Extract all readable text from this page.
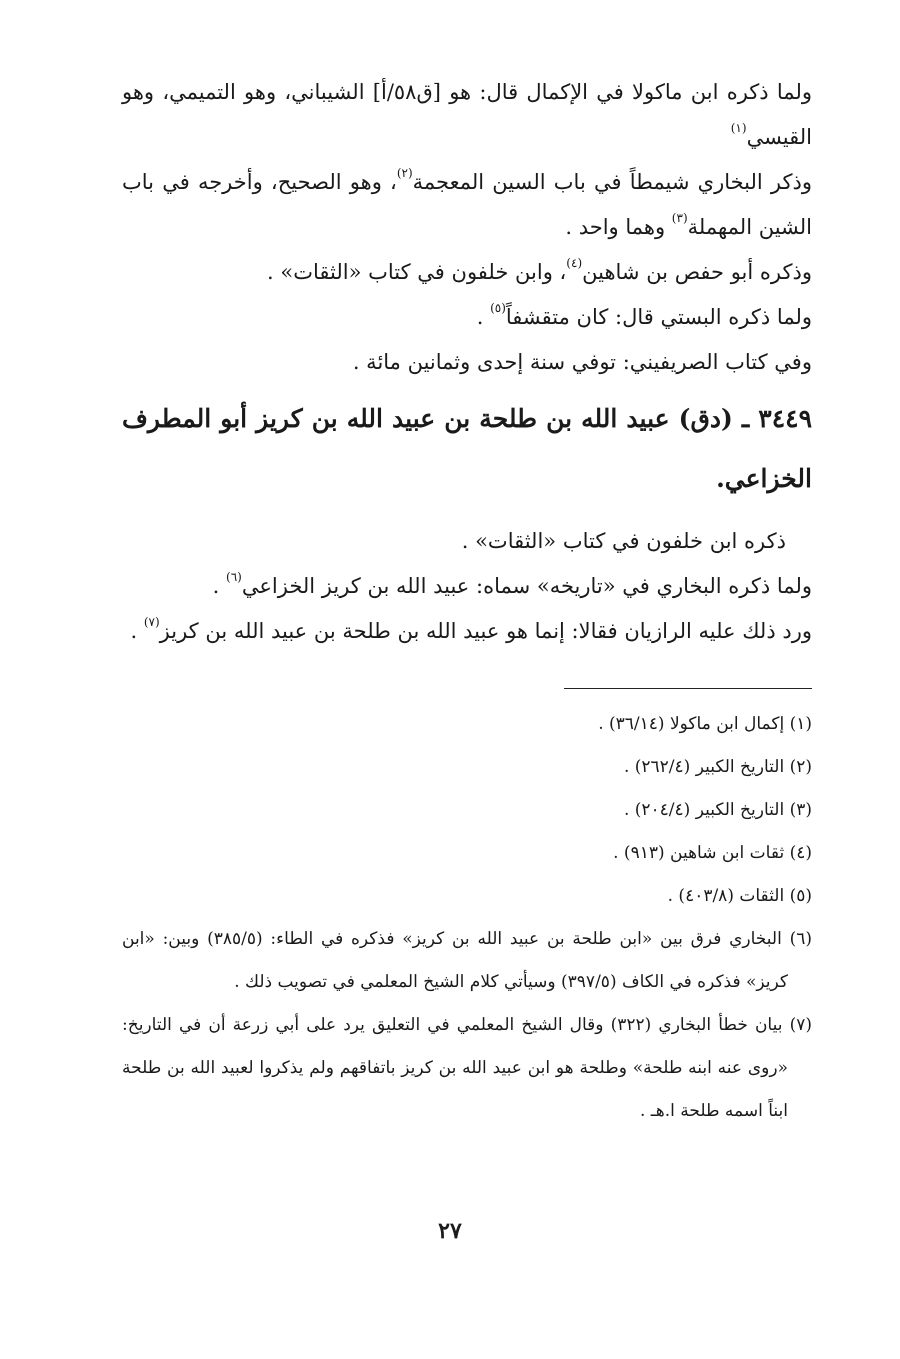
ولما ذكره ابن ماكولا في الإكمال قال: هو [ق٥٨/أ] الشيباني، وهو التميمي، وهو القيسي$^{(١)}$

وذكر البخاري شيمطاً في باب السين المعجمة$^{(٢)}$، وهو الصحيح، وأخرجه في باب الشين المهملة$^{(٣)}$ وهما واحد .

وذكره أبو حفص بن شاهين$^{(٤)}$، وابن خلفون في كتاب «الثقات» .

ولما ذكره البستي قال: كان متقشفاً$^{(٥)}$ .

وفي كتاب الصريفيني: توفي سنة إحدى وثمانين مائة .

٣٤٤٩ ـ (دق) عبيد الله بن طلحة بن عبيد الله بن كريز أبو المطرف الخزاعي.

ذكره ابن خلفون في كتاب «الثقات» .

ولما ذكره البخاري في «تاريخه» سماه: عبيد الله بن كريز الخزاعي$^{(٦)}$ .

ورد ذلك عليه الرازيان فقالا: إنما هو عبيد الله بن طلحة بن عبيد الله بن كريز$^{(٧)}$ .

(١) إكمال ابن ماكولا (٣٦/١٤) .

(٢) التاريخ الكبير (٢٦٢/٤) .

(٣) التاريخ الكبير (٢٠٤/٤) .

(٤) ثقات ابن شاهين (٩١٣) .

(٥) الثقات (٤٠٣/٨) .

(٦) البخاري فرق بين «ابن طلحة بن عبيد الله بن كريز» فذكره في الطاء: (٣٨٥/٥) وبين: «ابن كريز» فذكره في الكاف (٣٩٧/٥) وسيأتي كلام الشيخ المعلمي في تصويب ذلك .

(٧) بيان خطأ البخاري (٣٢٢) وقال الشيخ المعلمي في التعليق يرد على أبي زرعة أن في التاريخ: «روى عنه ابنه طلحة» وطلحة هو ابن عبيد الله بن كريز باتفاقهم ولم يذكروا لعبيد الله بن طلحة ابناً اسمه طلحة ا.هـ .

٢٧
